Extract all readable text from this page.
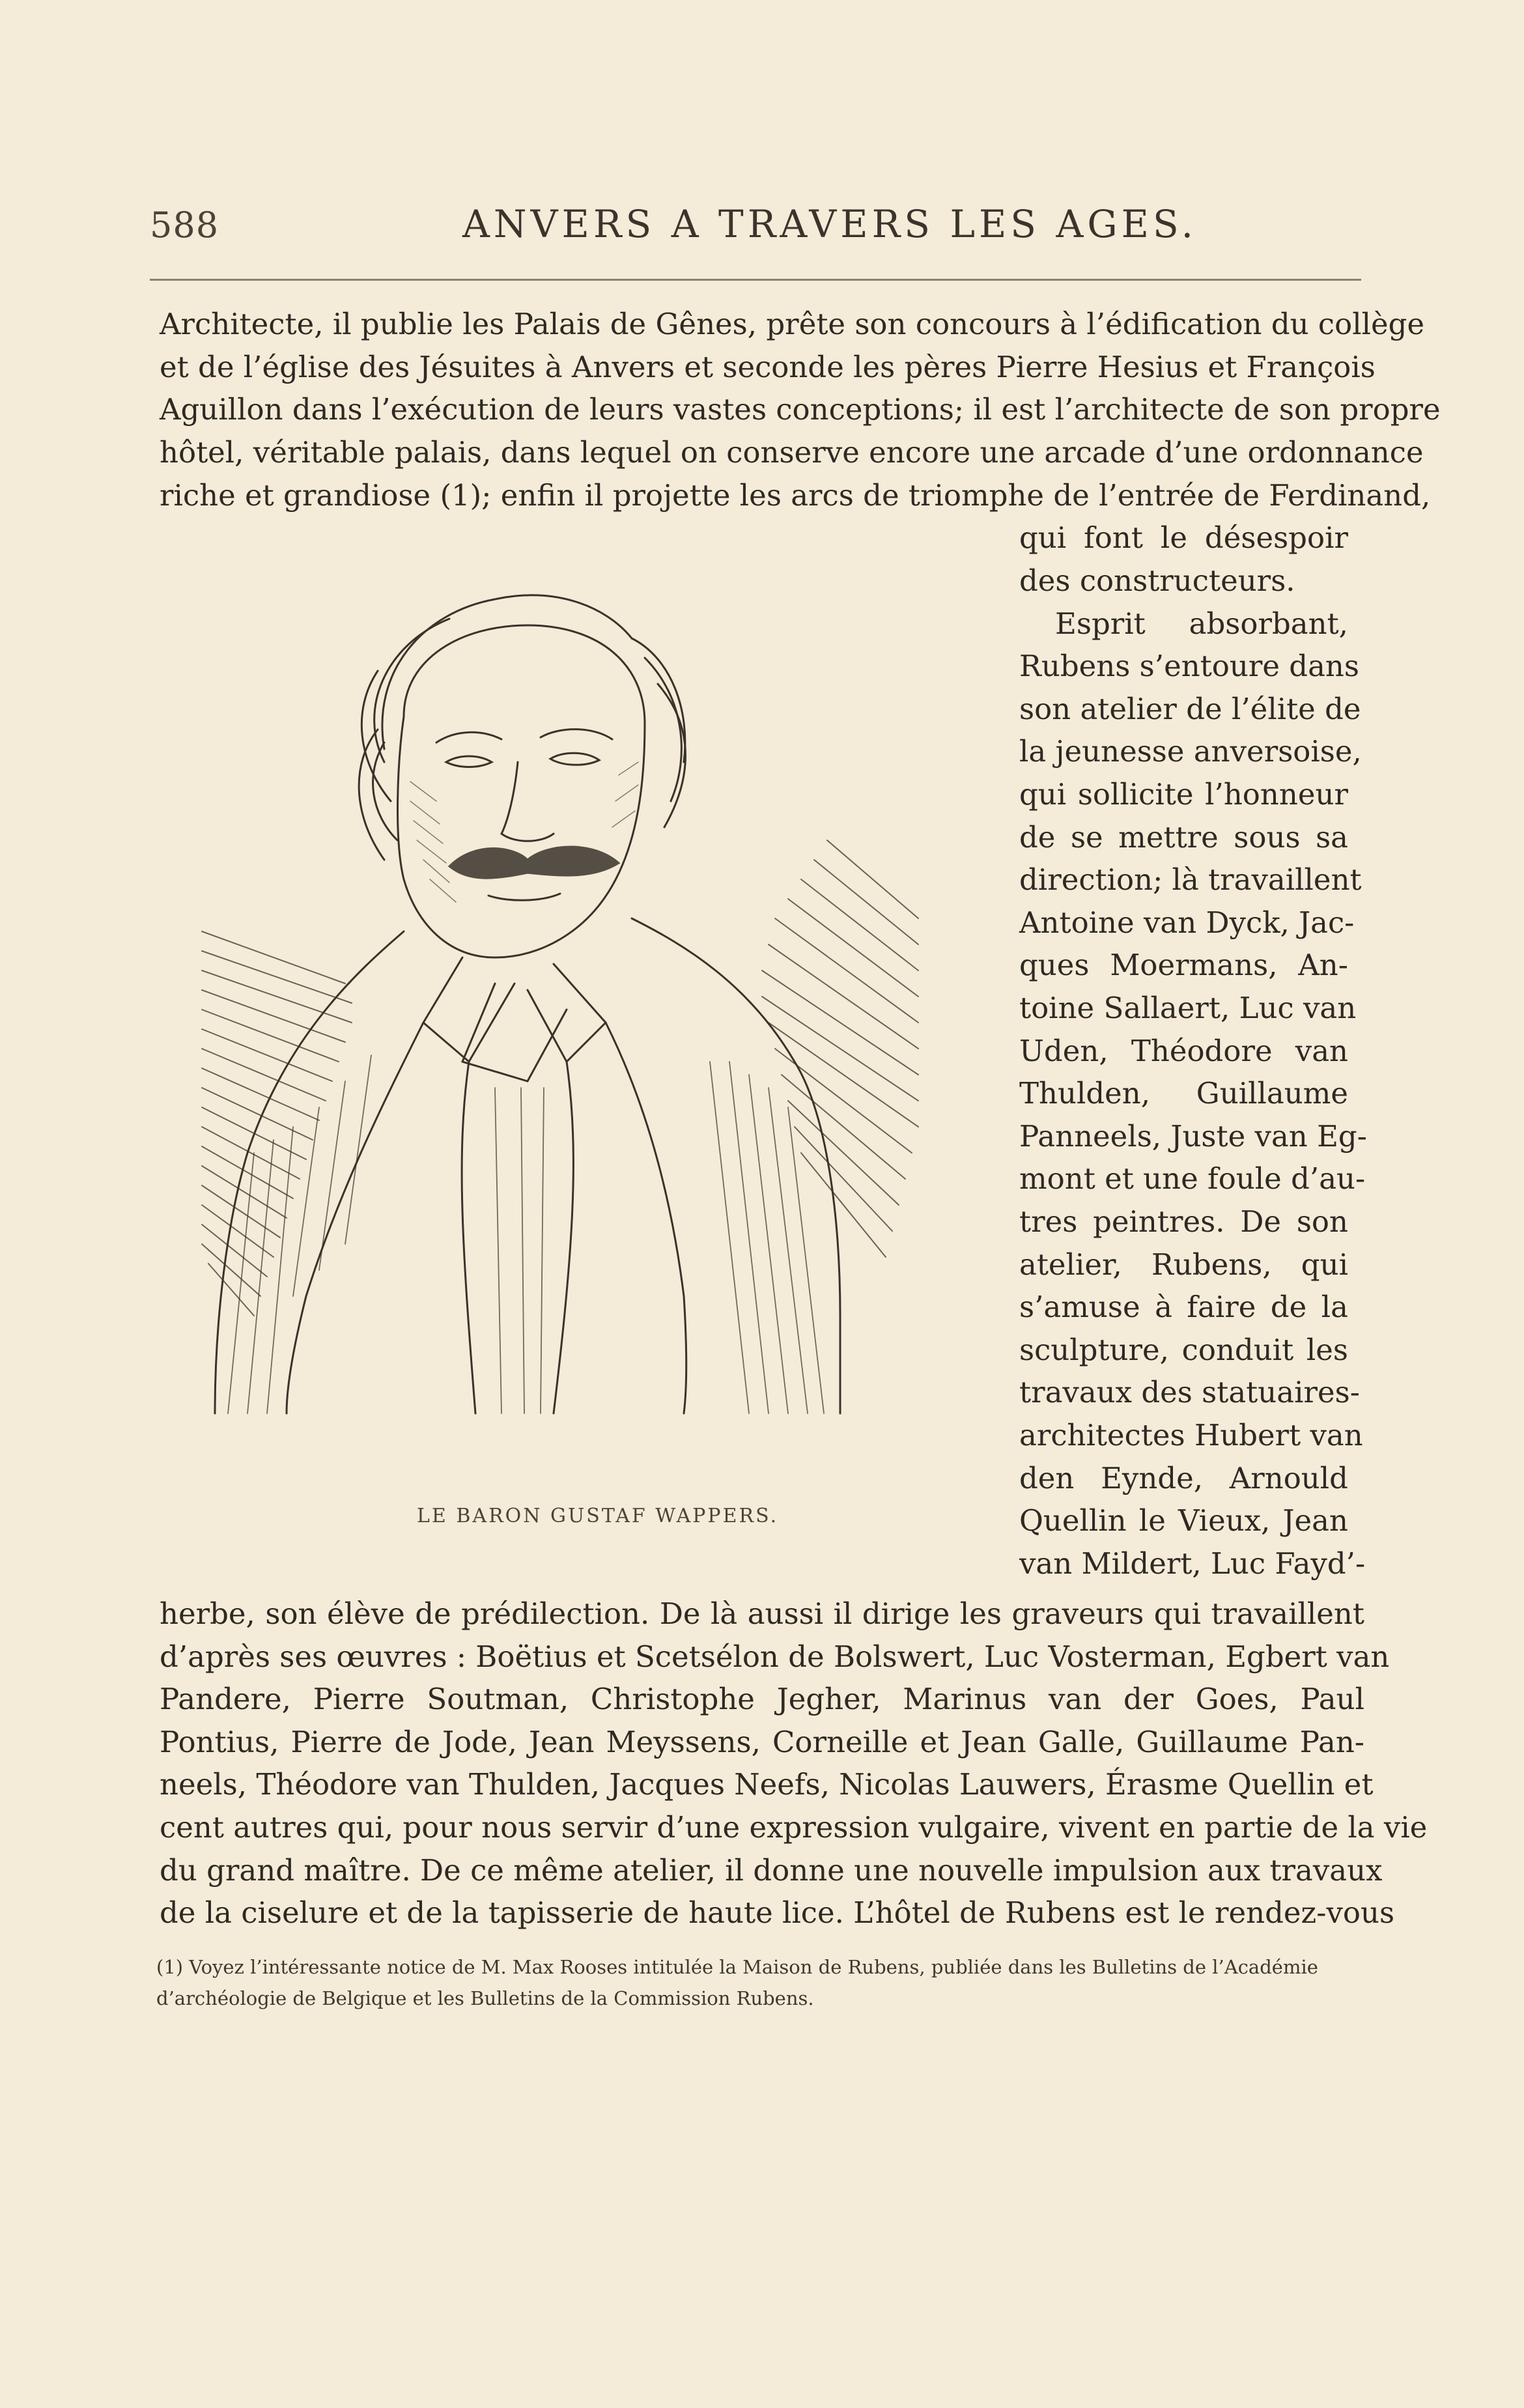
588	ANVERS A TRAVERS LES AGES.
Architecte, il publie les Palais de Gênes, prête son concours à l’édification du collège
et de l’église des Jésuites à Anvers et seconde les pères Pierre Hesius et François
Aguillon dans l’exécution de leurs vastes conceptions; il est l’architecte de son propre
hôtel, véritable palais, dans lequel on conserve encore une arcade d’une ordonnance
riche et grandiose (1); enfin il projette les arcs de triomphe de l’entrée de Ferdinand,
qui font le désespoir
des constructeurs.
Esprit absorbant,
Rubens s’entoure dans
son atelier de l’élite de
la jeunesse anversoise,
qui sollicite l’honneur
de se mettre sous sa
direction; là travaillent
Antoine van Dyck, Jac-
ques Moermans, An-
toine Sallaert, Luc van
Uden, Théodore van
Thulden, Guillaume
Panneels, Juste van Eg-
mont et une foule d’au-
tres peintres. De son
atelier, Rubens, qui
s’amuse à faire de la
sculpture, conduit les
travaux des statuaires-
architectes Hubert van
den Eynde, Arnould
Quellin le Vieux, Jean
van Mildert, Luc Fayd’-
herbe, son élève de prédilection. De là aussi il dirige les graveurs qui travaillent
d’après ses œuvres : Boëtius et Scetsélon de Bolswert, Luc Vosterman, Egbert van
Pandere, Pierre Soutman, Christophe Jegher, Marinus van der Goes, Paul
Pontius, Pierre de Jode, Jean Meyssens, Corneille et Jean Galle, Guillaume Pan-
neels, Théodore van Thulden, Jacques Neefs, Nicolas Lauwers, Érasme Quellin et
cent autres qui, pour nous servir d’une expression vulgaire, vivent en partie de la vie
du grand maître. De ce même atelier, il donne une nouvelle impulsion aux travaux
de la ciselure et de la tapisserie de haute lice. L’hôtel de Rubens est le rendez-vous
LE BARON GUSTAF WAPPERS.
(1) Voyez l’intéressante notice de M. Max Rooses intitulée la Maison de Rubens, publiée dans les Bulletins de l’Académie
d’archéologie de Belgique et les Bulletins de la Commission Rubens.
